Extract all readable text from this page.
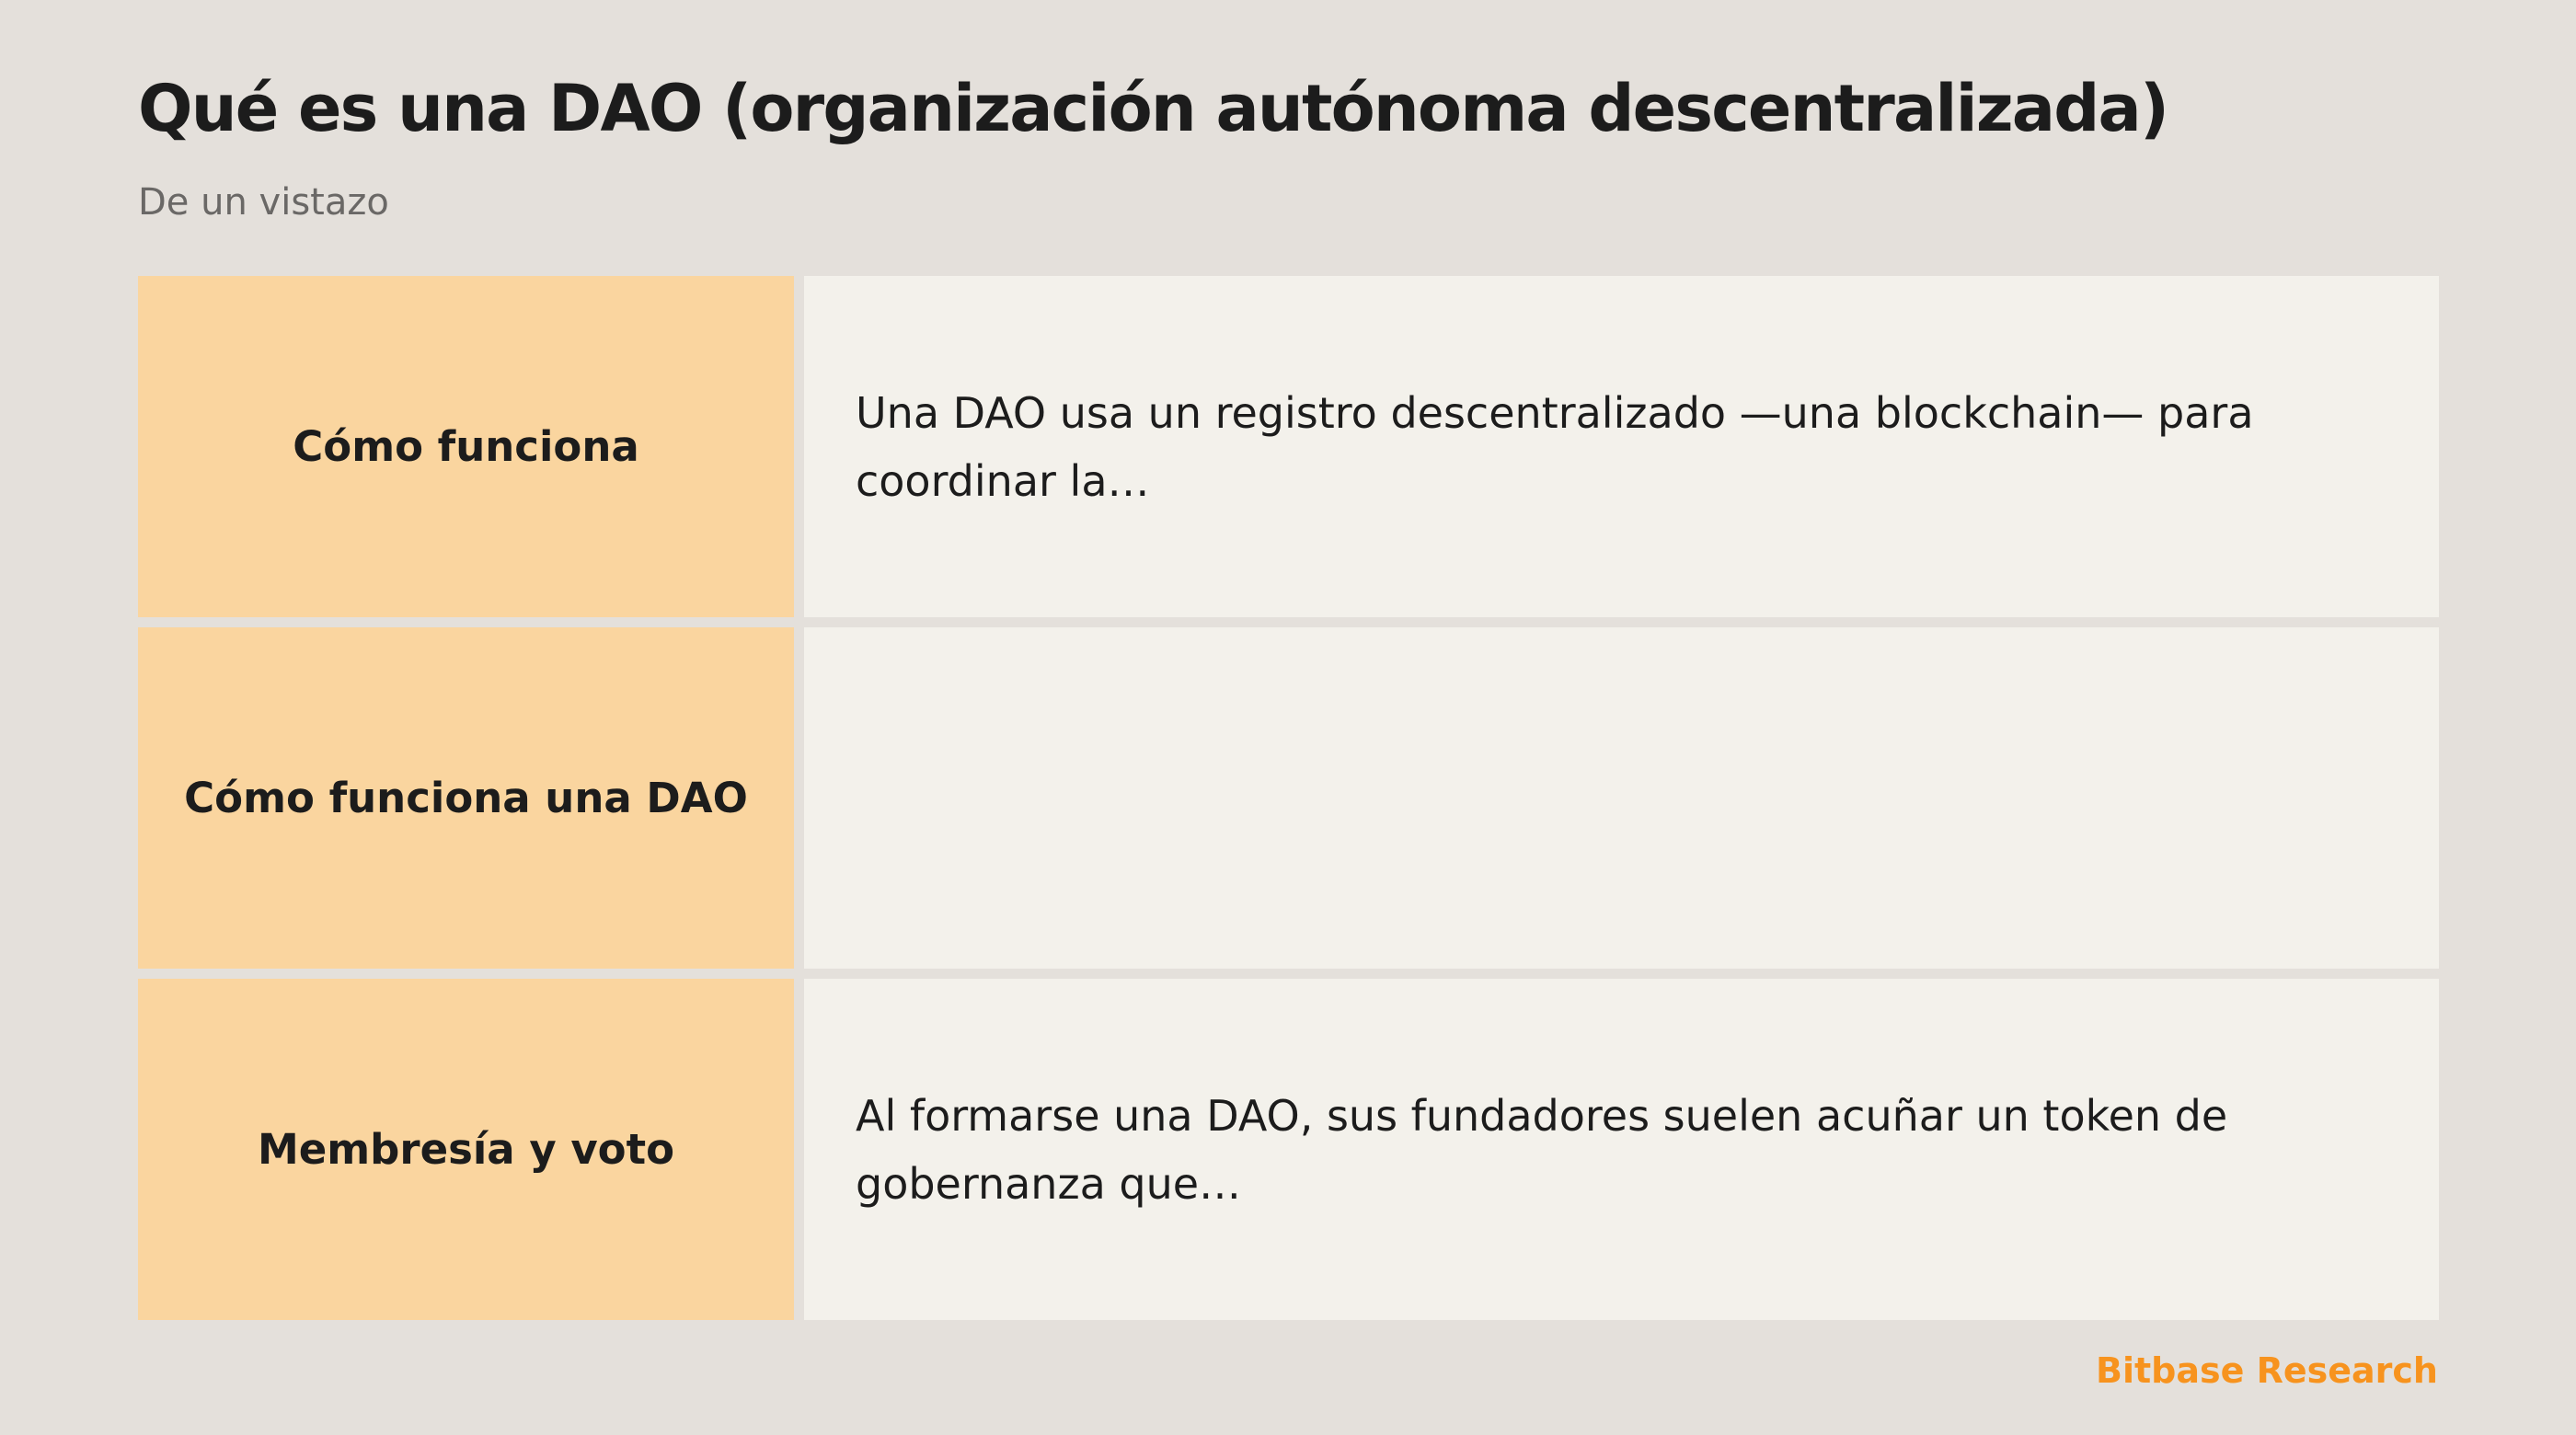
Qué es una DAO (organización autónoma descentralizada)

De un vistazo

Cómo funciona
Una DAO usa un registro descentralizado —una blockchain— para coordinar la…
Cómo funciona una DAO
Membresía y voto
Al formarse una DAO, sus fundadores suelen acuñar un token de gobernanza que…

Bitbase Research
